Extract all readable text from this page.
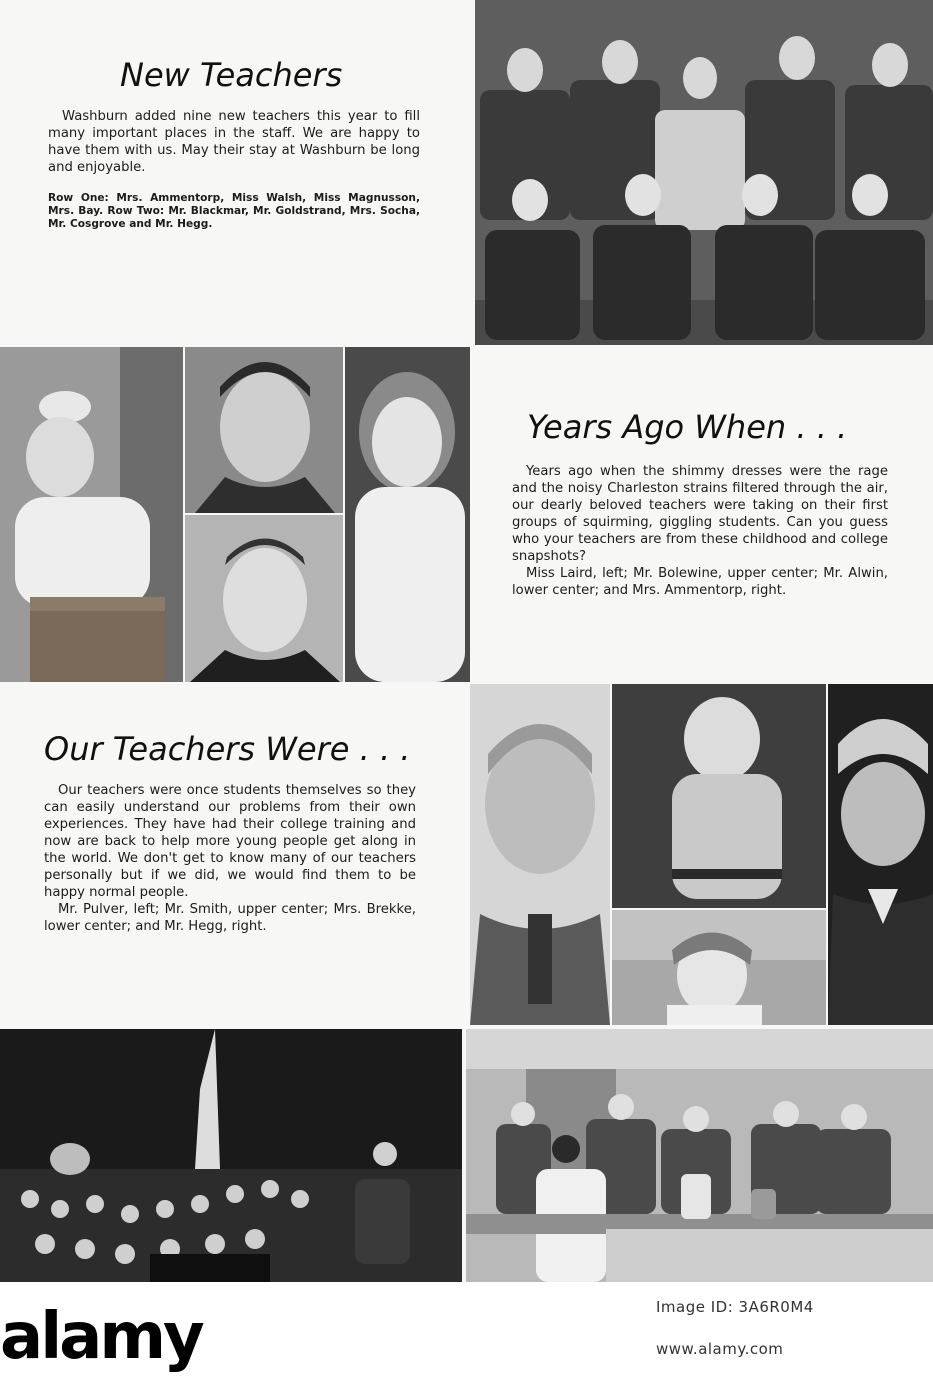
New Teachers

Washburn added nine new teachers this year to fill many important places in the staff. We are happy to have them with us. May their stay at Washburn be long and enjoyable.

Row One: Mrs. Ammentorp, Miss Walsh, Miss Magnusson, Mrs. Bay. Row Two: Mr. Blackmar, Mr. Goldstrand, Mrs. Socha, Mr. Cosgrove and Mr. Hegg.

Years Ago When . . .

Years ago when the shimmy dresses were the rage and the noisy Charleston strains filtered through the air, our dearly beloved teachers were taking on their first groups of squirming, giggling students. Can you guess who your teachers are from these childhood and college snapshots?

Miss Laird, left; Mr. Bolewine, upper center; Mr. Alwin, lower center; and Mrs. Ammentorp, right.

Our Teachers Were . . .

Our teachers were once students themselves so they can easily understand our problems from their own experiences. They have had their college training and now are back to help more young people get along in the world. We don't get to know many of our teachers personally but if we did, we would find them to be happy normal people.

Mr. Pulver, left; Mr. Smith, upper center; Mrs. Brekke, lower center; and Mr. Hegg, right.

alamy	Image ID: 3A6R0M4
www.alamy.com
